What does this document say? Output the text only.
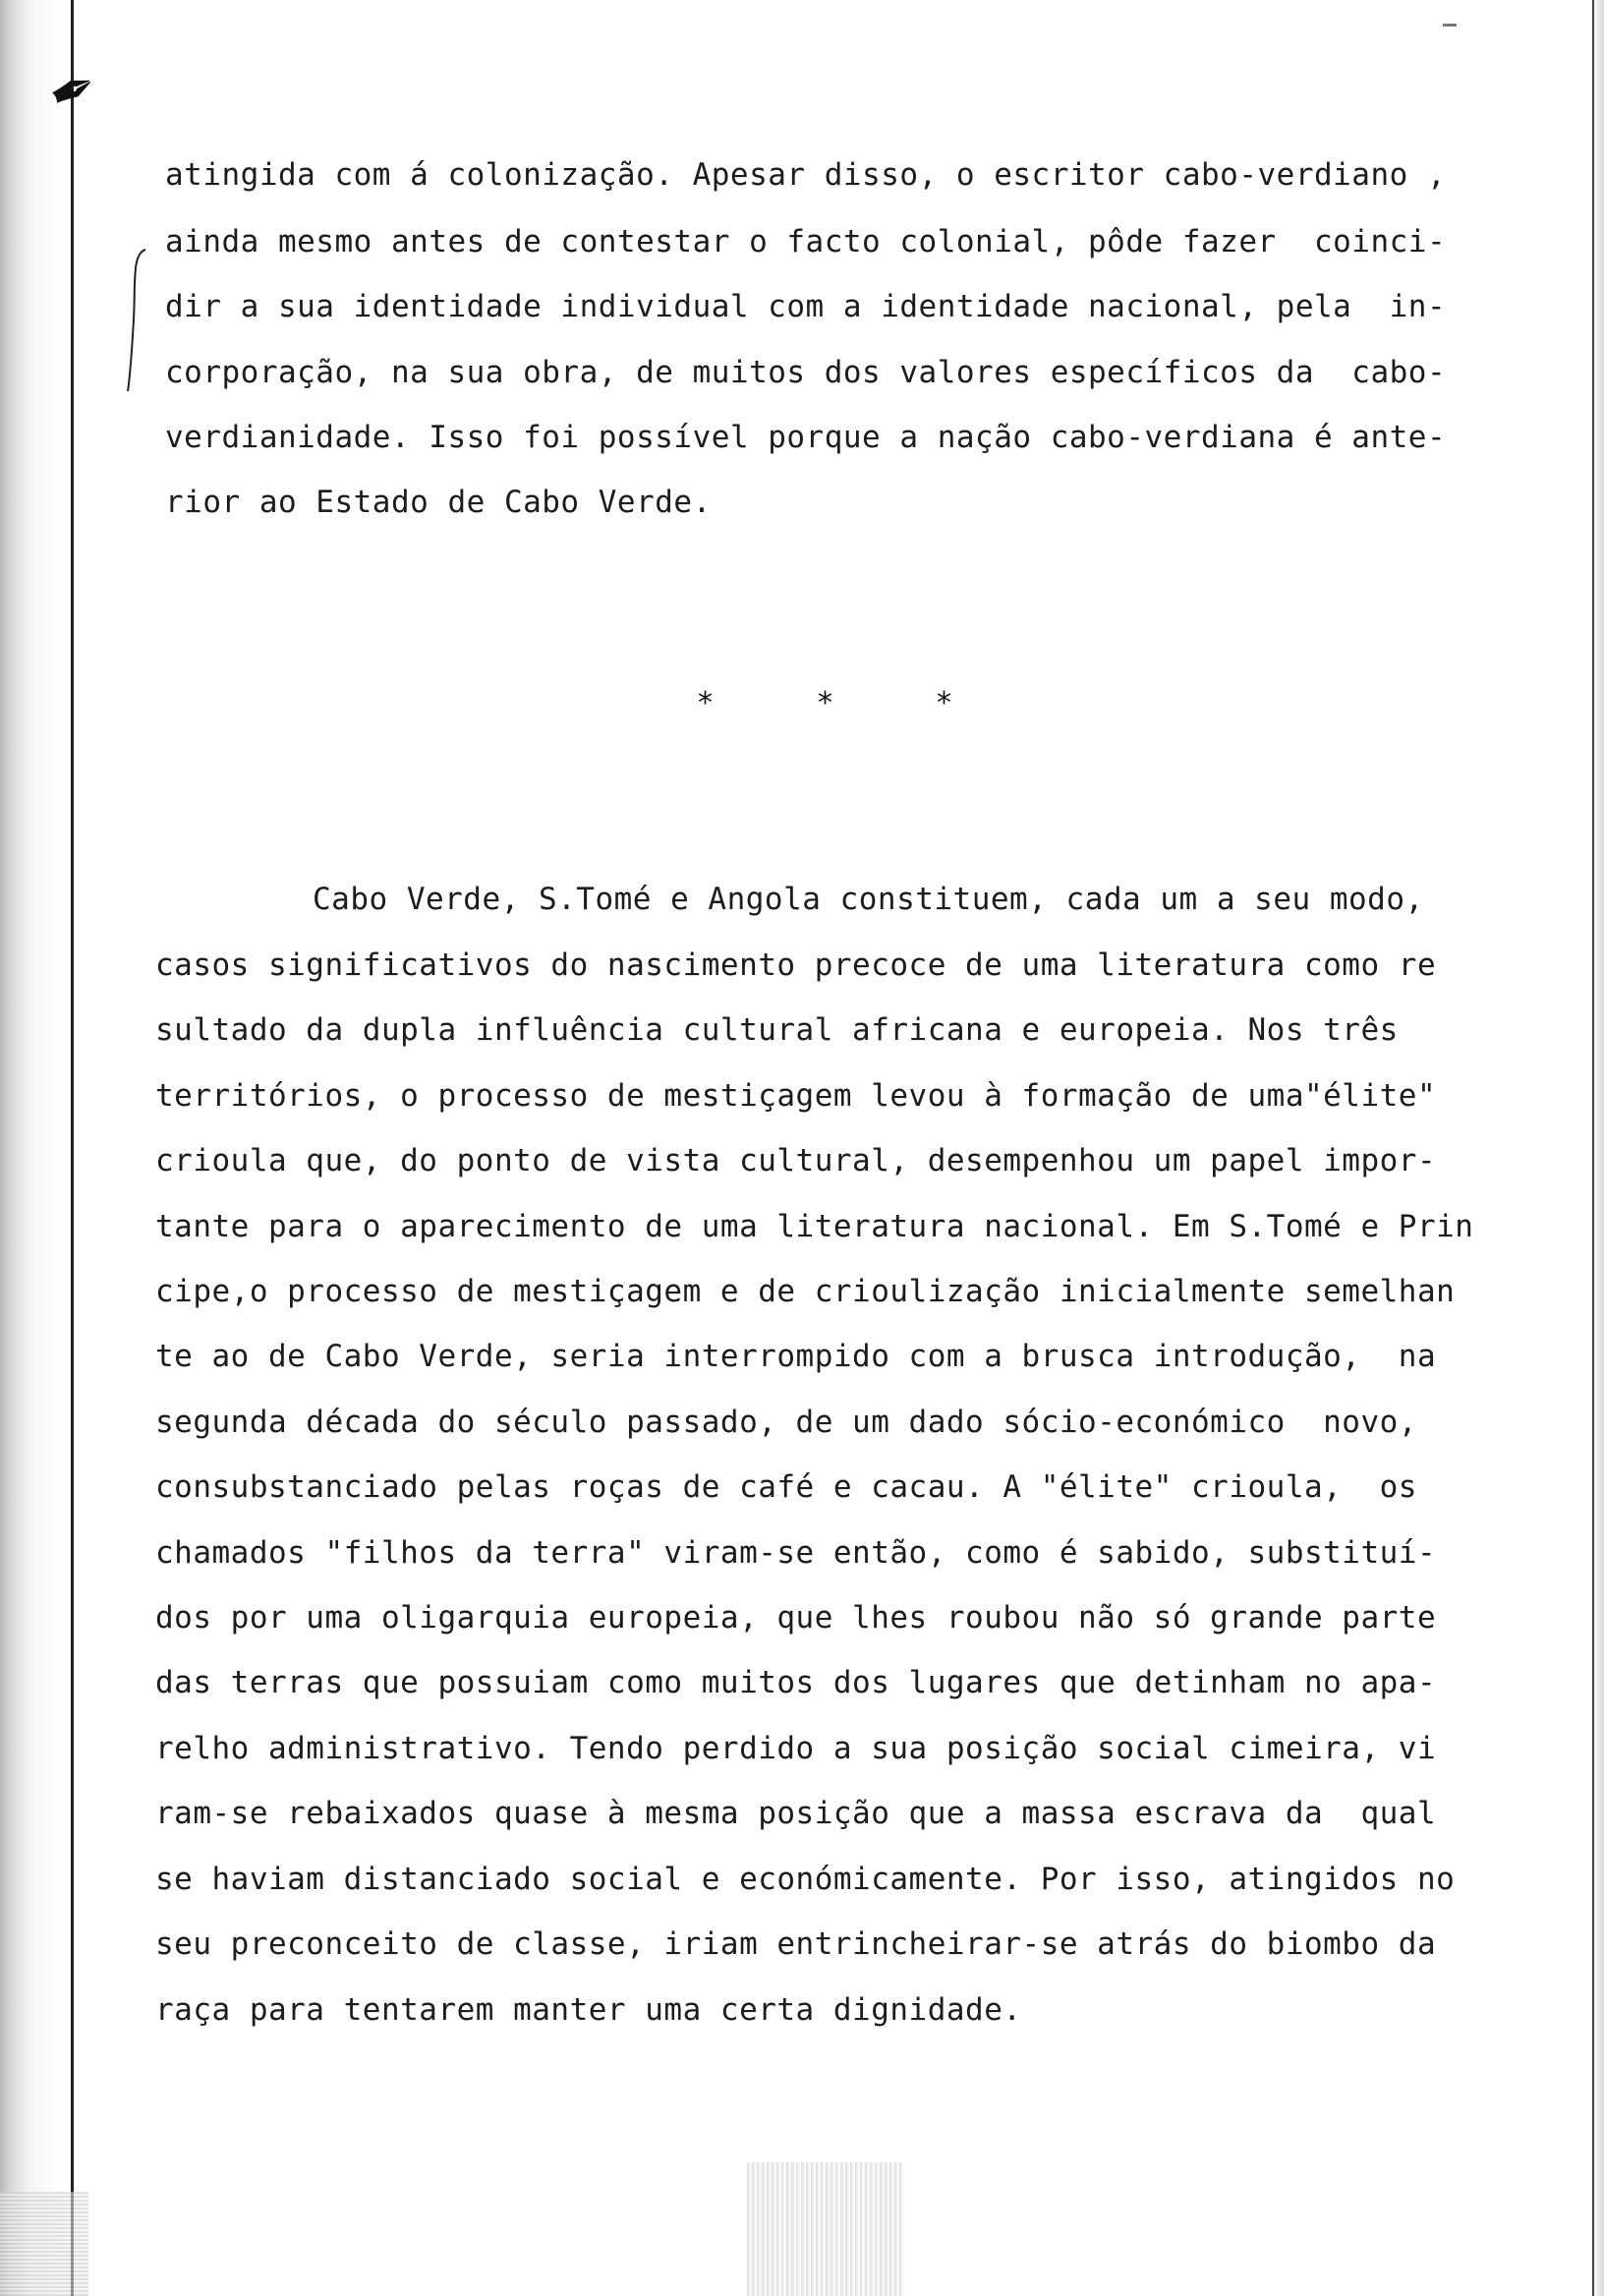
✒

atingida com á colonização. Apesar disso, o escritor cabo-verdiano ,

ainda mesmo antes de contestar o facto colonial, pôde fazer  coinci-

dir a sua identidade individual com a identidade nacional, pela  in-

corporação, na sua obra, de muitos dos valores específicos da  cabo-

verdianidade. Isso foi possível porque a nação cabo-verdiana é ante-

rior ao Estado de Cabo Verde.

*	*	*

Cabo Verde, S.Tomé e Angola constituem, cada um a seu modo,

casos significativos do nascimento precoce de uma literatura como re

sultado da dupla influência cultural africana e europeia. Nos três

territórios, o processo de mestiçagem levou à formação de uma"élite"

crioula que, do ponto de vista cultural, desempenhou um papel impor-

tante para o aparecimento de uma literatura nacional. Em S.Tomé e Prin

cipe,o processo de mestiçagem e de crioulização inicialmente semelhan

te ao de Cabo Verde, seria interrompido com a brusca introdução,  na

segunda década do século passado, de um dado sócio-económico  novo,

consubstanciado pelas roças de café e cacau. A "élite" crioula,  os

chamados "filhos da terra" viram-se então, como é sabido, substituí-

dos por uma oligarquia europeia, que lhes roubou não só grande parte

das terras que possuiam como muitos dos lugares que detinham no apa-

relho administrativo. Tendo perdido a sua posição social cimeira, vi

ram-se rebaixados quase à mesma posição que a massa escrava da  qual

se haviam distanciado social e económicamente. Por isso, atingidos no

seu preconceito de classe, iriam entrincheirar-se atrás do biombo da

raça para tentarem manter uma certa dignidade.
